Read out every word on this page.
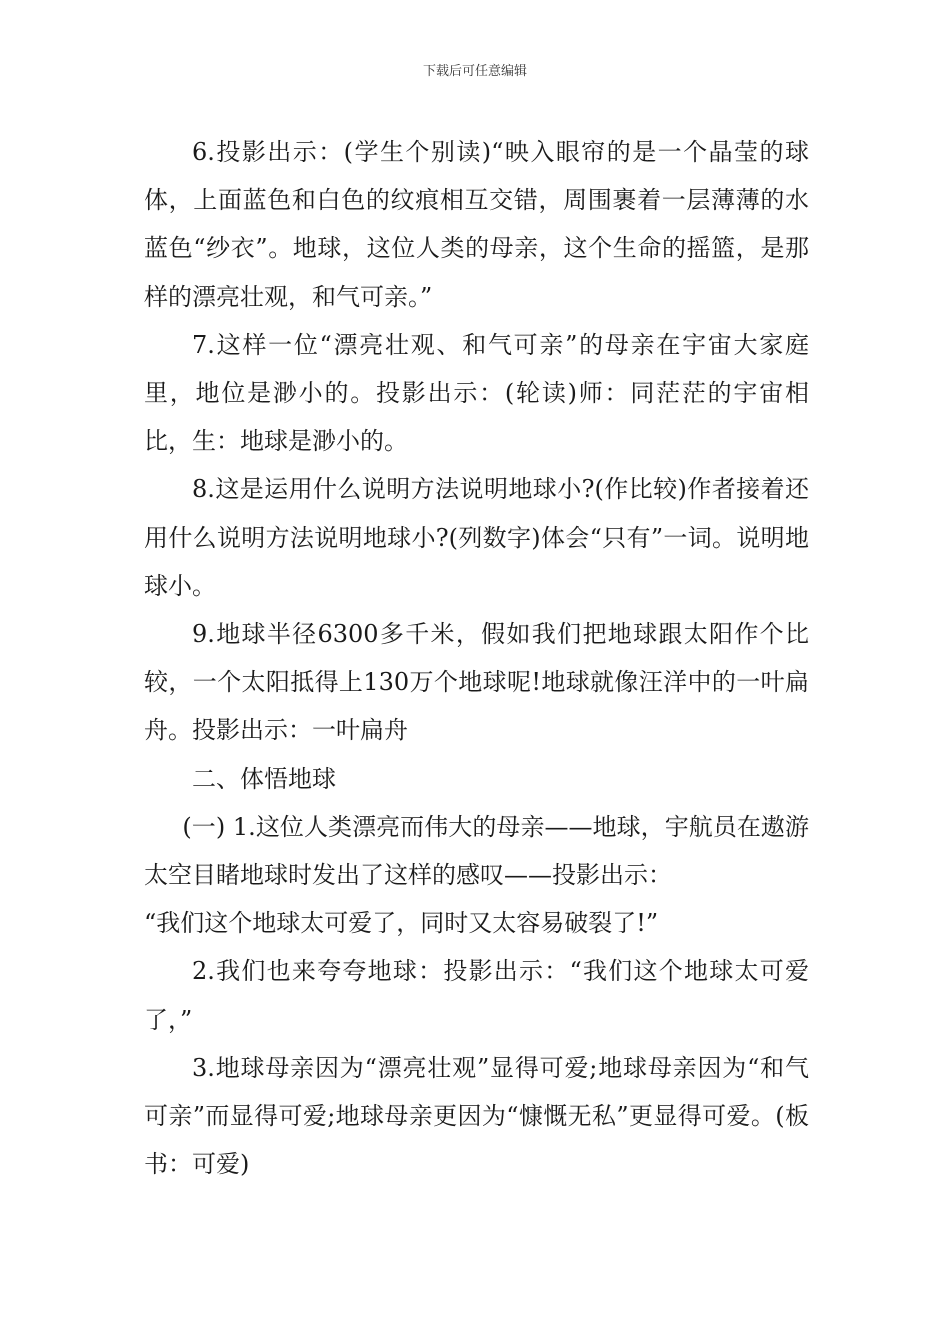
下载后可任意编辑

6.投影出示：(学生个别读)“映入眼帘的是一个晶莹的球体，上面蓝色和白色的纹痕相互交错，周围裹着一层薄薄的水蓝色“纱衣”。地球，这位人类的母亲，这个生命的摇篮，是那样的漂亮壮观，和气可亲。”

7.这样一位“漂亮壮观、和气可亲”的母亲在宇宙大家庭里，地位是渺小的。投影出示：(轮读)师：同茫茫的宇宙相比，生：地球是渺小的。

8.这是运用什么说明方法说明地球小?(作比较)作者接着还用什么说明方法说明地球小?(列数字)体会“只有”一词。说明地球小。

9.地球半径6300多千米，假如我们把地球跟太阳作个比较，一个太阳抵得上130万个地球呢!地球就像汪洋中的一叶扁舟。投影出示：一叶扁舟

二、体悟地球

(一) 1.这位人类漂亮而伟大的母亲——地球，宇航员在遨游太空目睹地球时发出了这样的感叹——投影出示：

“我们这个地球太可爱了，同时又太容易破裂了!”

2.我们也来夸夸地球：投影出示：“我们这个地球太可爱了，”

3.地球母亲因为“漂亮壮观”显得可爱;地球母亲因为“和气可亲”而显得可爱;地球母亲更因为“慷慨无私”更显得可爱。(板书：可爱)
